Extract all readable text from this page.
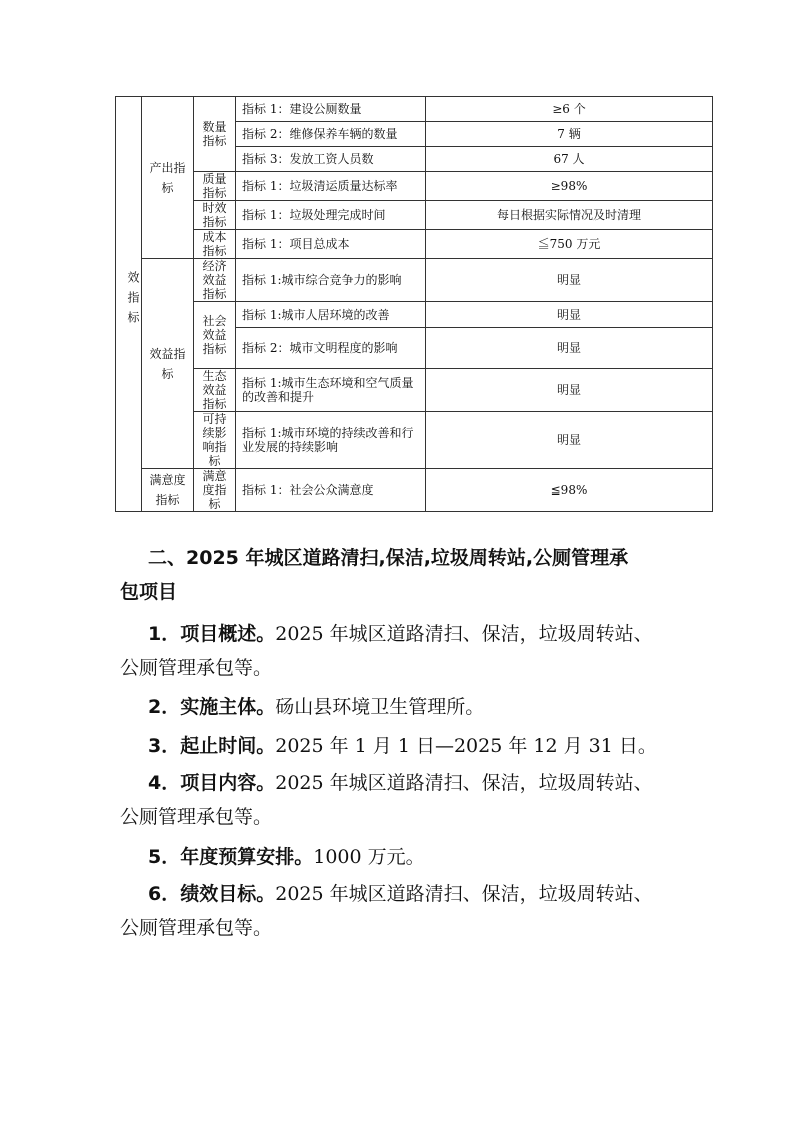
效指标	产出指标	数量指标	指标 1：建设公厕数量	≥6 个
			指标 2：维修保养车辆的数量	7 辆
			指标 3：发放工资人员数	67 人
		质量指标	指标 1：垃圾清运质量达标率	≥98%
		时效指标	指标 1：垃圾处理完成时间	每日根据实际情况及时清理
		成本指标	指标 1：项目总成本	≦750 万元
	效益指标	经济效益指标	指标 1:城市综合竞争力的影响	明显
		社会效益指标	指标 1:城市人居环境的改善	明显
			指标 2：城市文明程度的影响	明显
		生态效益指标	指标 1:城市生态环境和空气质量的改善和提升	明显
		可持续影响指标	指标 1:城市环境的持续改善和行业发展的持续影响	明显
	满意度指标	满意度指标	指标 1：社会公众满意度	≦98%
二、2025 年城区道路清扫,保洁,垃圾周转站,公厕管理承
包项目

1．项目概述。2025 年城区道路清扫、保洁，垃圾周转站、
公厕管理承包等。

2．实施主体。砀山县环境卫生管理所。

3．起止时间。2025 年 1 月 1 日—2025 年 12 月 31 日。

4．项目内容。2025 年城区道路清扫、保洁，垃圾周转站、
公厕管理承包等。

5．年度预算安排。1000 万元。

6．绩效目标。2025 年城区道路清扫、保洁，垃圾周转站、
公厕管理承包等。
